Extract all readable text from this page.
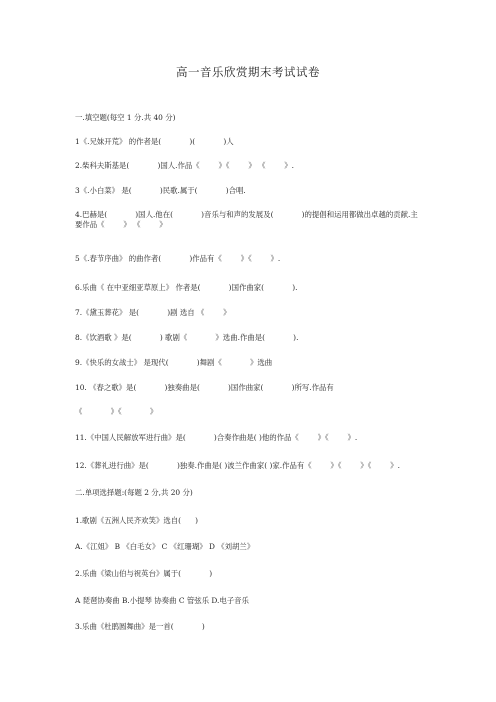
高一音乐欣赏期末考试试卷
一.填空题(每空 1 分.共 40 分)
1《.兄妹开荒》 的作者是(            )(            )人
2.柴科夫斯基是(            )国人.作品《        》《        》 《        》.
3《.小白菜》 是(            )民歌.属于(            )合唱.
4.巴赫是(            )国人.他在(            )音乐与和声的发展及(            )的提倡和运用都做出卓越的贡献.主要作品《        》 《        》
5《.春节序曲》 的曲作者(            )作品有《        》《        》.
6.乐曲《 在中亚细亚草原上》 作者是(            )国作曲家(            ).
7.《黛玉葬花》 是(            )剧 选自 《        》
8.《饮酒歌 》是(            ) 歌剧《            》选曲.作曲是(            ).
9.《快乐的女战士》 是现代(            )舞剧《            》选曲
10. 《春之歌》是(            )独奏曲是(            )国作曲家(            )所写.作品有
《            》《            》
11.《中国人民解放军进行曲》是(            )合奏作曲是( )他的作品《        》《        》.
12.《葬礼进行曲》是(            )独奏.作曲是( )波兰作曲家( )家.作品有《        》《        》《        》.
二.单项选择题:(每题 2 分,共 20 分)
1.歌剧《五洲人民齐欢笑》选自(      )
A.《江姐》 B 《白毛女》 C 《红珊瑚》 D 《刘胡兰》
2.乐曲《梁山伯与祝英台》属于(            )
A 琵琶协奏曲 B.小提琴 协奏曲 C 管弦乐 D.电子音乐
3.乐曲《杜鹃圆舞曲》是一首(            )
